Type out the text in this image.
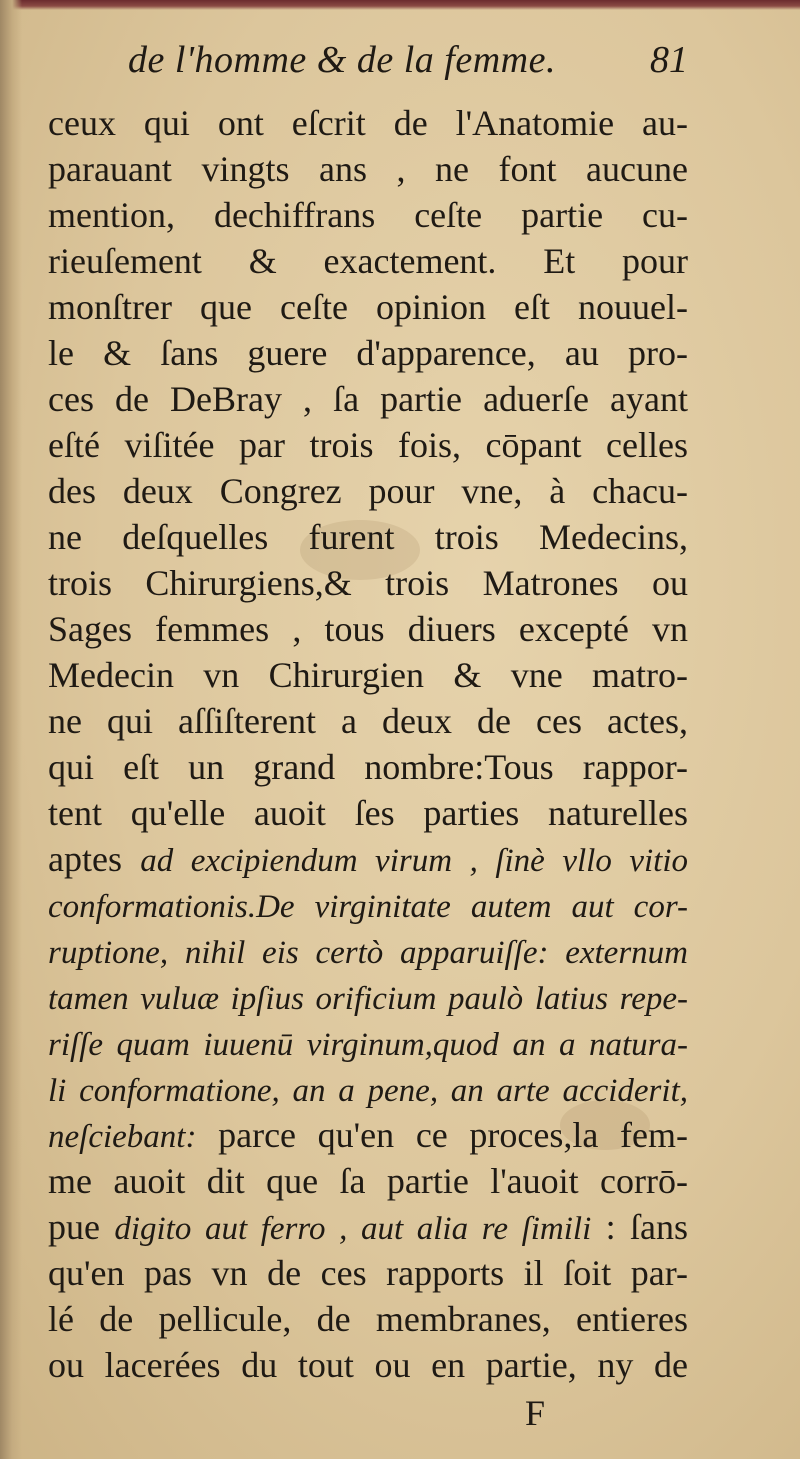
de l'homme & de la femme. 81
ceux qui ont eſcrit de l'Anatomie au-
parauant vingts ans , ne font aucune
mention, dechiffrans ceſte partie cu-
rieuſement & exactement. Et pour
monſtrer que ceſte opinion eſt nouuel-
le & ſans guere d'apparence, au pro-
ces de DeBray , ſa partie aduerſe ayant
eſté viſitée par trois fois, cōpant celles
des deux Congrez pour vne, à chacu-
ne deſquelles furent trois Medecins,
trois Chirurgiens,& trois Matrones ou
Sages femmes , tous diuers excepté vn
Medecin vn Chirurgien & vne matro-
ne qui aſſiſterent a deux de ces actes,
qui eſt un grand nombre:Tous rappor-
tent qu'elle auoit ſes parties naturelles
aptes ad excipiendum virum , ſinè vllo vitio
conformationis.De virginitate autem aut cor-
ruptione, nihil eis certò apparuiſſe: externum
tamen vuluæ ipſius orificium paulò latius repe-
riſſe quam iuuenū virginum,quod an a natura-
li conformatione, an a pene, an arte acciderit,
neſciebant: parce qu'en ce proces,la fem-
me auoit dit que ſa partie l'auoit corrō-
pue digito aut ferro , aut alia re ſimili : ſans
qu'en pas vn de ces rapports il ſoit par-
lé de pellicule, de membranes, entieres
ou lacerées du tout ou en partie, ny de
F
